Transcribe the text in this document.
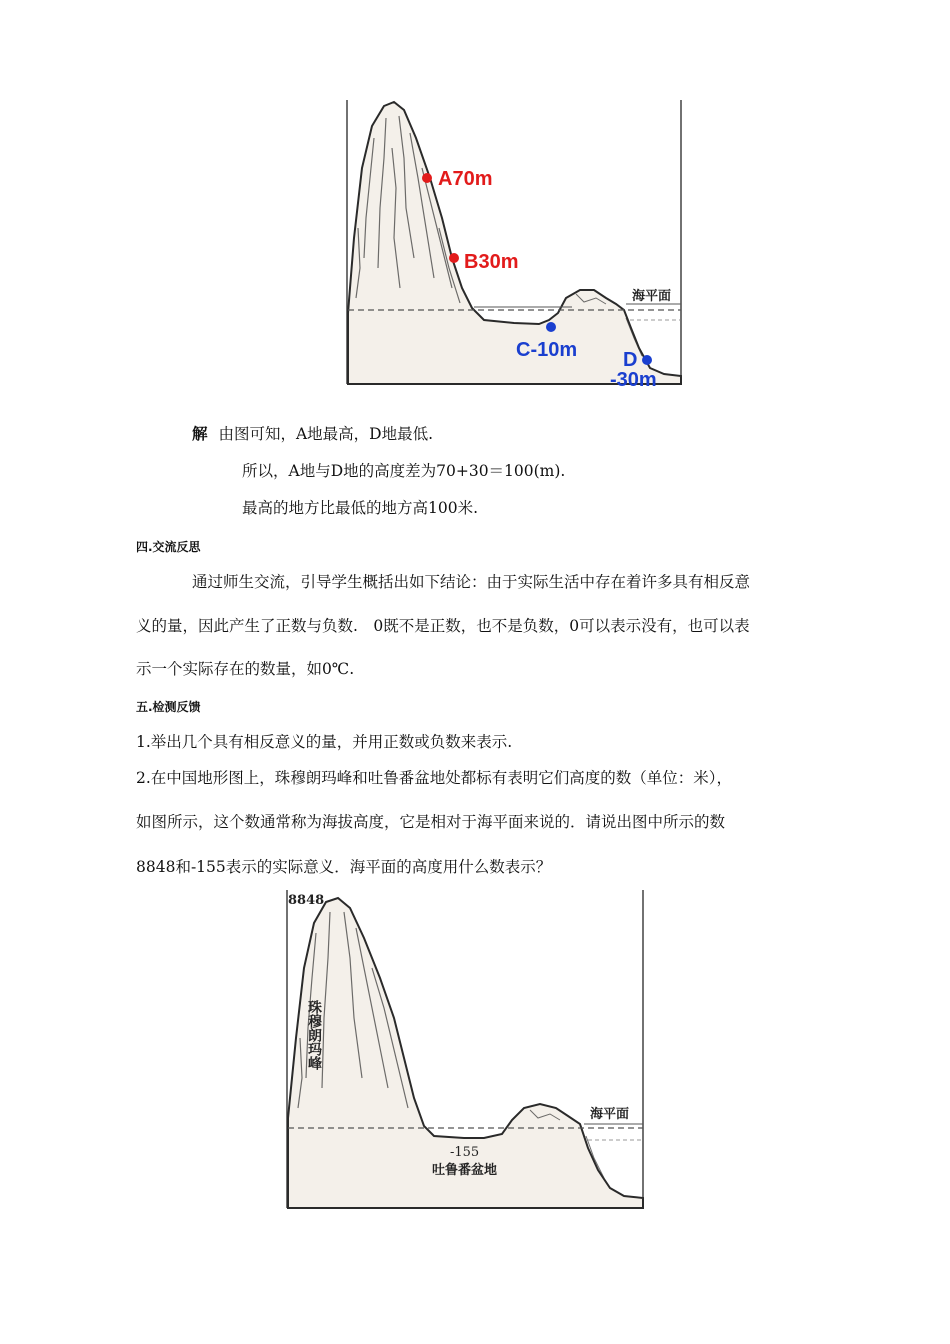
海平面
A70m
B30m
C-10m D
-30m
解 由图可知，A地最高，D地最低.
所以，A地与D地的高度差为70+30＝100(m).
最高的地方比最低的地方高100米.
四.交流反思
通过师生交流，引导学生概括出如下结论：由于实际生活中存在着许多具有相反意
义的量，因此产生了正数与负数.　0既不是正数，也不是负数，0可以表示没有，也可以表
示一个实际存在的数量，如0℃.
五.检测反馈
1.举出几个具有相反意义的量，并用正数或负数来表示.
2.在中国地形图上，珠穆朗玛峰和吐鲁番盆地处都标有表明它们高度的数（单位：米），
如图所示，这个数通常称为海拔高度，它是相对于海平面来说的．请说出图中所示的数
8848和-155表示的实际意义．海平面的高度用什么数表示？
8848
珠穆朗玛峰
海平面
-155
吐鲁番盆地
